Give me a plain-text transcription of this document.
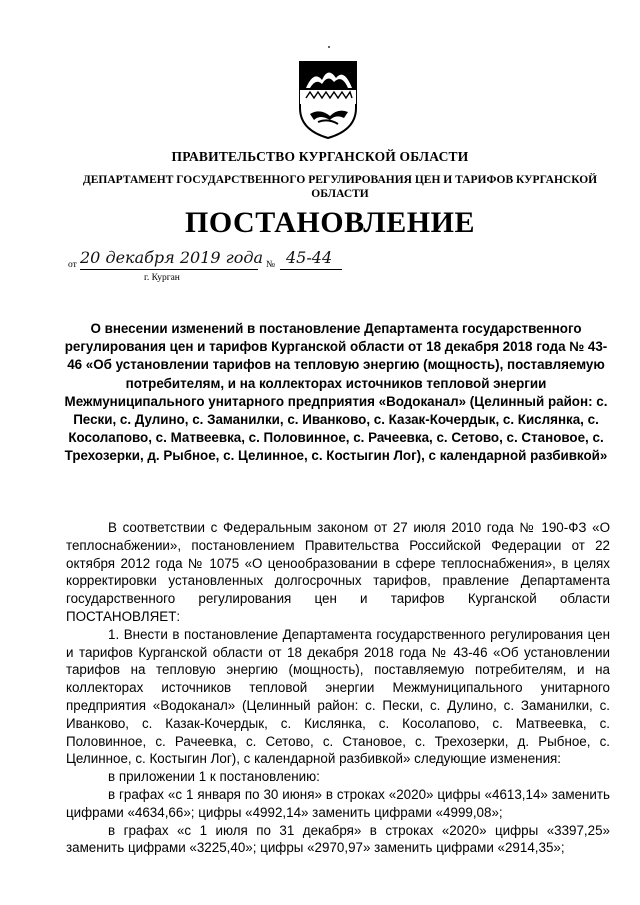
ПРАВИТЕЛЬСТВО КУРГАНСКОЙ ОБЛАСТИ
ДЕПАРТАМЕНТ ГОСУДАРСТВЕННОГО РЕГУЛИРОВАНИЯ ЦЕН И ТАРИФОВ КУРГАНСКОЙ ОБЛАСТИ
ПОСТАНОВЛЕНИЕ
от 20 декабря 2019 года № 45-44
г. Курган
О внесении изменений в постановление Департамента государственного регулирования цен и тарифов Курганской области от 18 декабря 2018 года № 43-46 «Об установлении тарифов на тепловую энергию (мощность), поставляемую потребителям, и на коллекторах источников тепловой энергии Межмуниципального унитарного предприятия «Водоканал» (Целинный район: с. Пески, с. Дулино, с. Заманилки, с. Иванково, с. Казак-Кочердык, с. Кислянка, с. Косолапово, с. Матвеевка, с. Половинное, с. Рачеевка, с. Сетово, с. Становое, с. Трехозерки, д. Рыбное, с. Целинное, с. Костыгин Лог), с календарной разбивкой»

В соответствии с Федеральным законом от 27 июля 2010 года № 190-ФЗ «О теплоснабжении», постановлением Правительства Российской Федерации от 22 октября 2012 года № 1075 «О ценообразовании в сфере теплоснабжения», в целях корректировки установленных долгосрочных тарифов, правление Департамента государственного регулирования цен и тарифов Курганской области ПОСТАНОВЛЯЕТ:

1. Внести в постановление Департамента государственного регулирования цен и тарифов Курганской области от 18 декабря 2018 года № 43-46 «Об установлении тарифов на тепловую энергию (мощность), поставляемую потребителям, и на коллекторах источников тепловой энергии Межмуниципального унитарного предприятия «Водоканал» (Целинный район: с. Пески, с. Дулино, с. Заманилки, с. Иванково, с. Казак-Кочердык, с. Кислянка, с. Косолапово, с. Матвеевка, с. Половинное, с. Рачеевка, с. Сетово, с. Становое, с. Трехозерки, д. Рыбное, с. Целинное, с. Костыгин Лог), с календарной разбивкой» следующие изменения:

в приложении 1 к постановлению:

в графах «с 1 января по 30 июня» в строках «2020» цифры «4613,14» заменить цифрами «4634,66»; цифры «4992,14» заменить цифрами «4999,08»;

в графах «с 1 июля по 31 декабря» в строках «2020» цифры «3397,25» заменить цифрами «3225,40»; цифры «2970,97» заменить цифрами «2914,35»;
